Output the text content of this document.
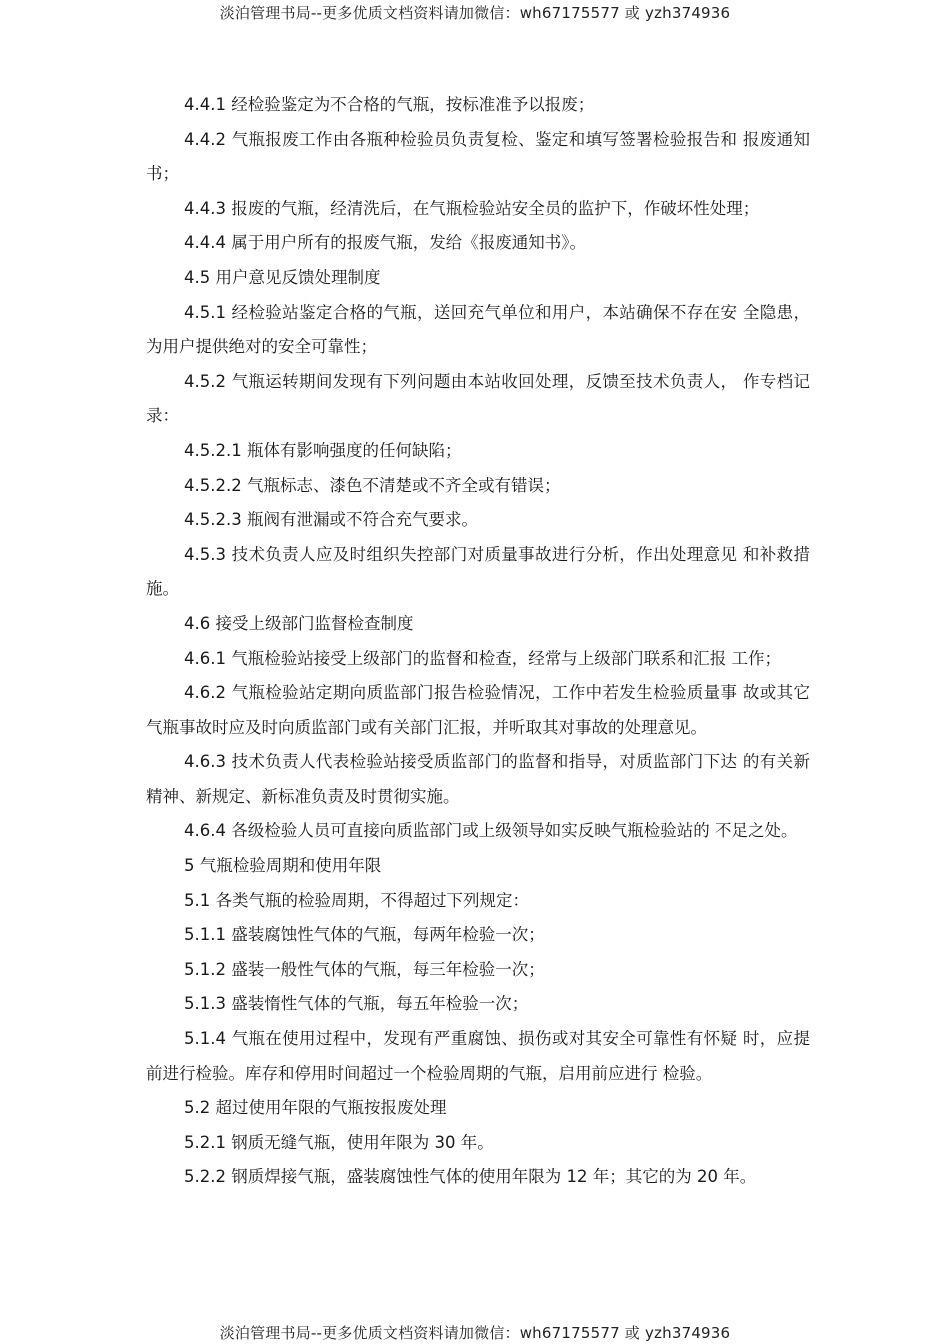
淡泊管理书局--更多优质文档资料请加微信：wh67175577 或 yzh374936

4.4.1 经检验鉴定为不合格的气瓶，按标准准予以报废；

4.4.2 气瓶报废工作由各瓶种检验员负责复检、鉴定和填写签署检验报告和 报废通知书；

4.4.3 报废的气瓶，经清洗后，在气瓶检验站安全员的监护下，作破坏性处理；

4.4.4 属于用户所有的报废气瓶，发给《报废通知书》。

4.5 用户意见反馈处理制度

4.5.1 经检验站鉴定合格的气瓶，送回充气单位和用户，本站确保不存在安 全隐患，为用户提供绝对的安全可靠性；

4.5.2 气瓶运转期间发现有下列问题由本站收回处理，反馈至技术负责人， 作专档记录：

4.5.2.1 瓶体有影响强度的任何缺陷；

4.5.2.2 气瓶标志、漆色不清楚或不齐全或有错误；

4.5.2.3 瓶阀有泄漏或不符合充气要求。

4.5.3 技术负责人应及时组织失控部门对质量事故进行分析，作出处理意见 和补救措施。

4.6 接受上级部门监督检查制度

4.6.1 气瓶检验站接受上级部门的监督和检查，经常与上级部门联系和汇报 工作；

4.6.2 气瓶检验站定期向质监部门报告检验情况，工作中若发生检验质量事 故或其它气瓶事故时应及时向质监部门或有关部门汇报，并听取其对事故的处理意见。

4.6.3 技术负责人代表检验站接受质监部门的监督和指导，对质监部门下达 的有关新精神、新规定、新标准负责及时贯彻实施。

4.6.4 各级检验人员可直接向质监部门或上级领导如实反映气瓶检验站的 不足之处。

5 气瓶检验周期和使用年限

5.1 各类气瓶的检验周期，不得超过下列规定：

5.1.1 盛装腐蚀性气体的气瓶，每两年检验一次；

5.1.2 盛装一般性气体的气瓶，每三年检验一次；

5.1.3 盛装惰性气体的气瓶，每五年检验一次；

5.1.4 气瓶在使用过程中，发现有严重腐蚀、损伤或对其安全可靠性有怀疑 时，应提前进行检验。库存和停用时间超过一个检验周期的气瓶，启用前应进行 检验。

5.2 超过使用年限的气瓶按报废处理

5.2.1 钢质无缝气瓶，使用年限为 30 年。

5.2.2 钢质焊接气瓶，盛装腐蚀性气体的使用年限为 12 年；其它的为 20 年。

淡泊管理书局--更多优质文档资料请加微信：wh67175577 或 yzh374936
